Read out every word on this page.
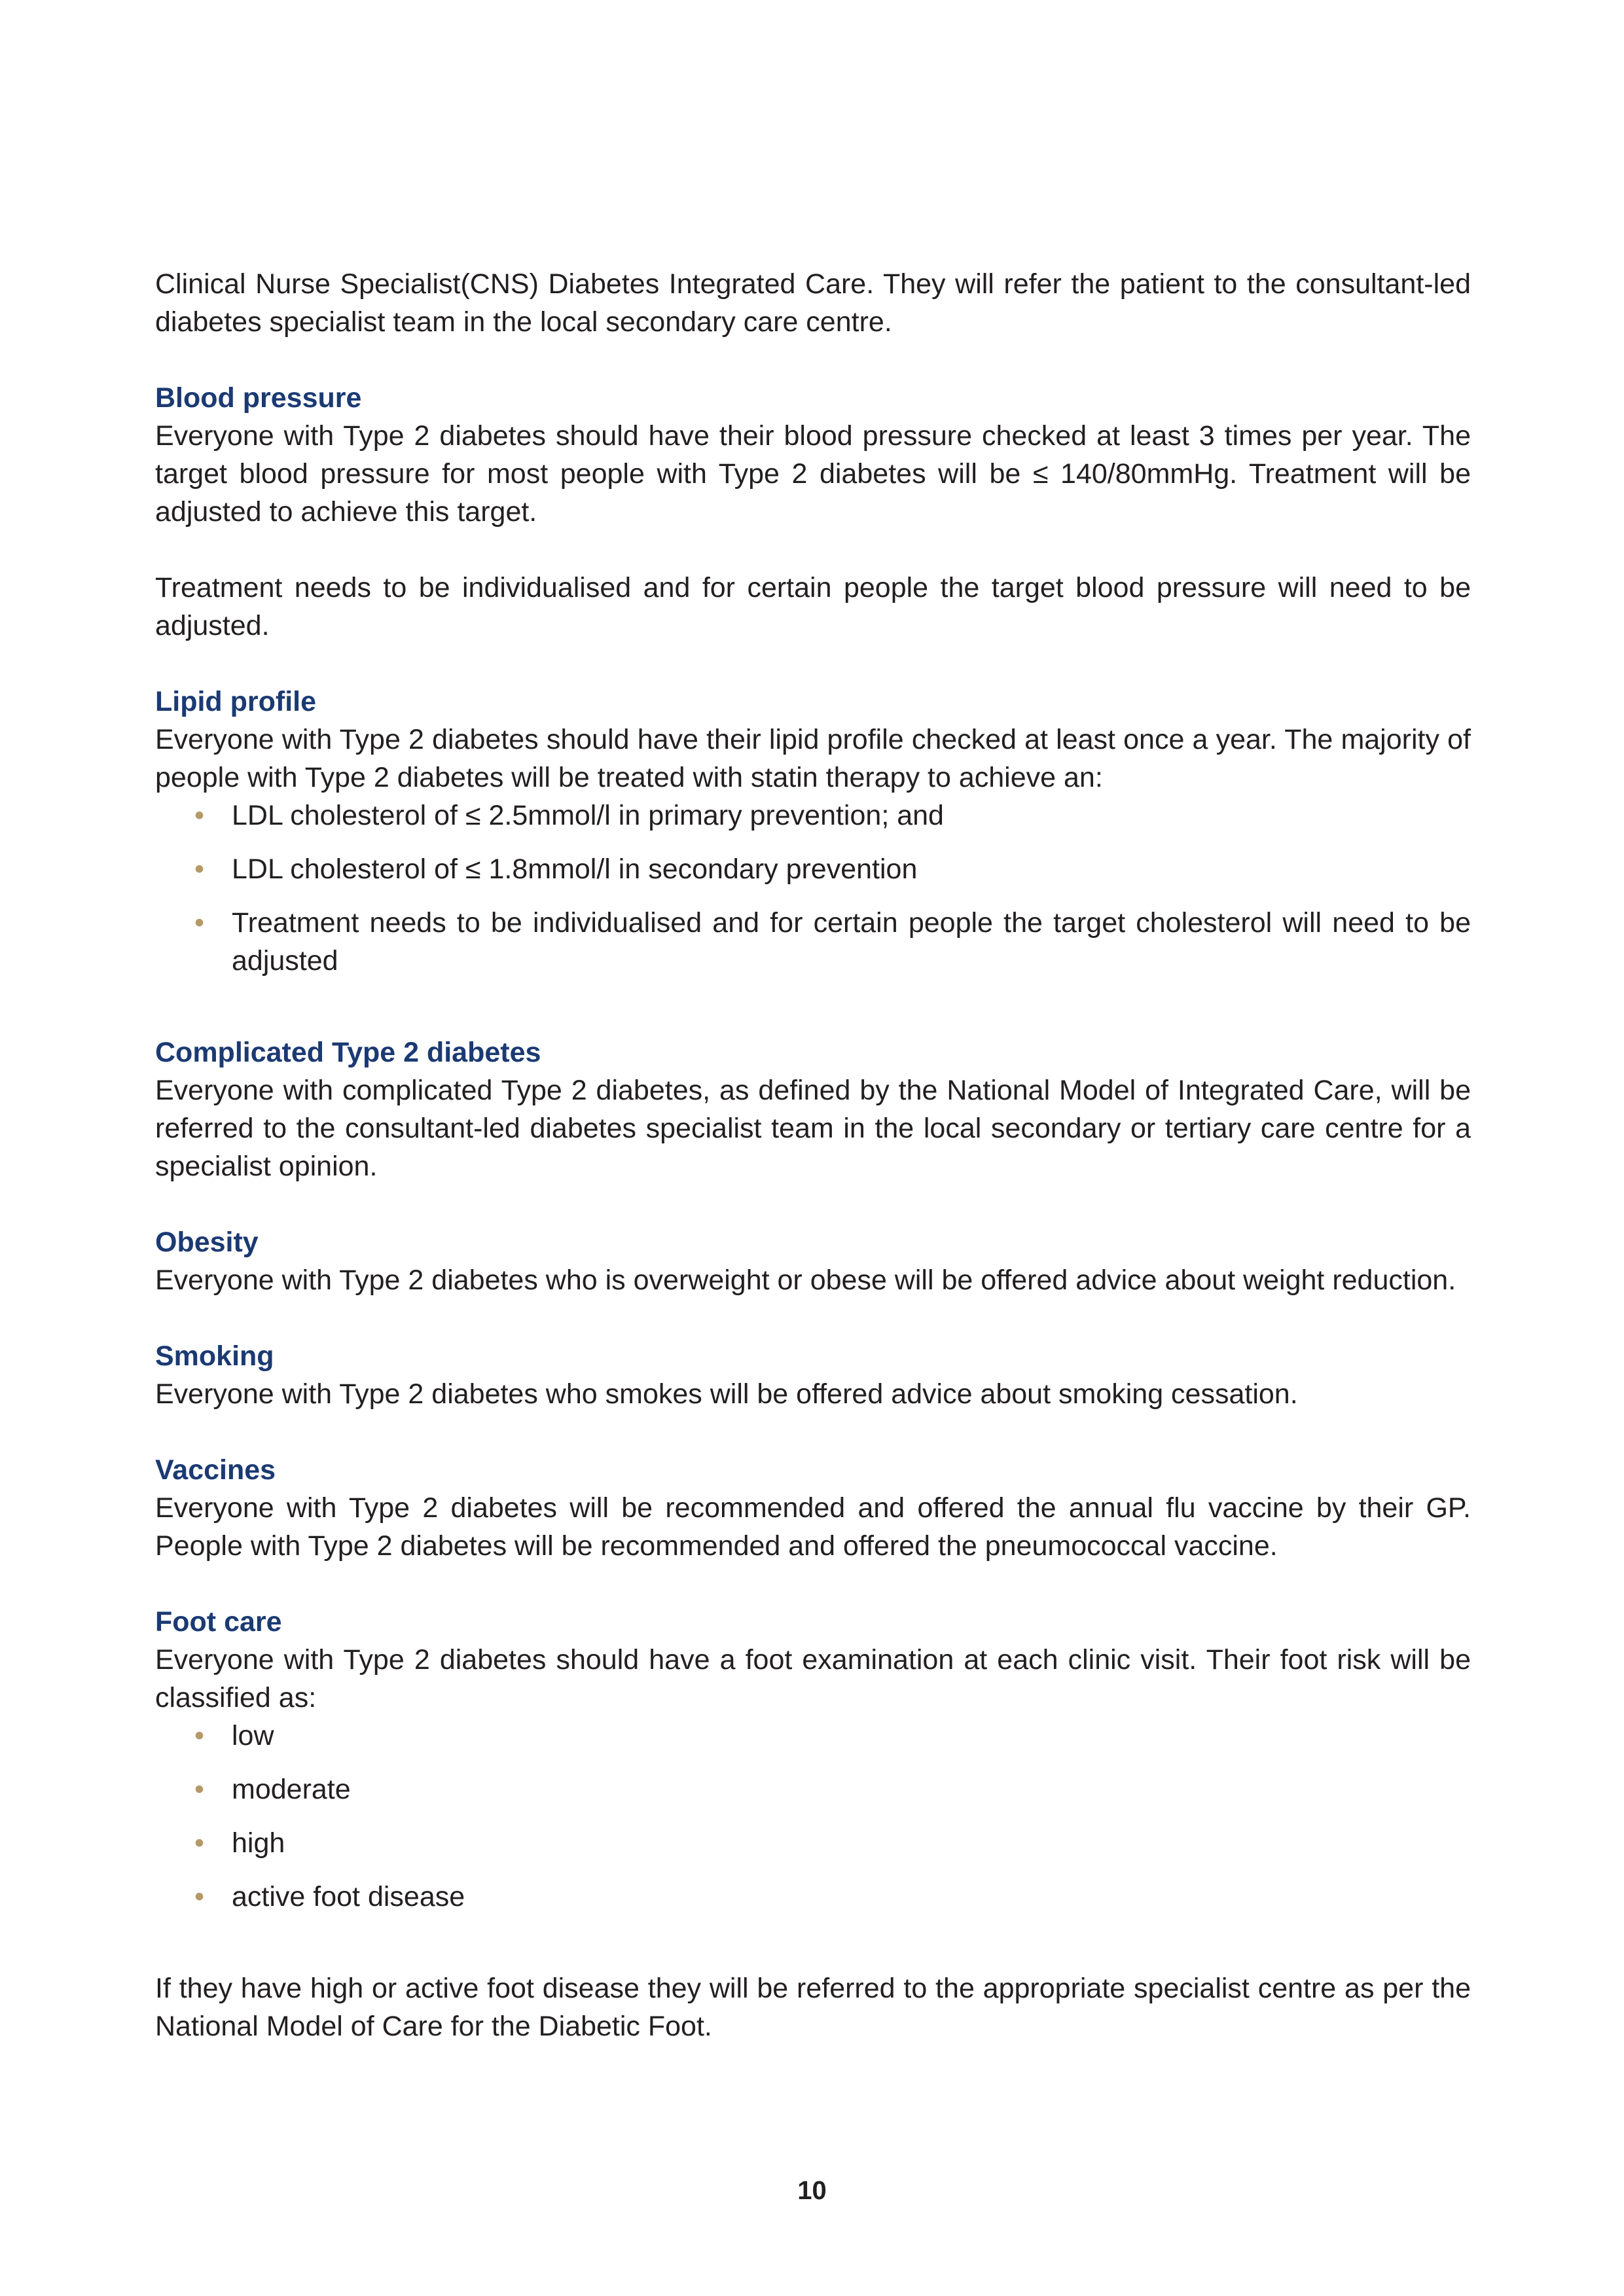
Clinical Nurse Specialist(CNS) Diabetes Integrated Care. They will refer the patient to the consultant-led diabetes specialist team in the local secondary care centre.

Blood pressure

Everyone with Type 2 diabetes should have their blood pressure checked at least 3 times per year. The target blood pressure for most people with Type 2 diabetes will be ≤ 140/80mmHg. Treatment will be adjusted to achieve this target.

Treatment needs to be individualised and for certain people the target blood pressure will need to be adjusted.

Lipid profile

Everyone with Type 2 diabetes should have their lipid profile checked at least once a year. The majority of people with Type 2 diabetes will be treated with statin therapy to achieve an:

• LDL cholesterol of ≤ 2.5mmol/l in primary prevention; and
• LDL cholesterol of ≤ 1.8mmol/l in secondary prevention
• Treatment needs to be individualised and for certain people the target cholesterol will need to be adjusted
Complicated Type 2 diabetes

Everyone with complicated Type 2 diabetes, as defined by the National Model of Integrated Care, will be referred to the consultant-led diabetes specialist team in the local secondary or tertiary care centre for a specialist opinion.

Obesity

Everyone with Type 2 diabetes who is overweight or obese will be offered advice about weight reduction.

Smoking

Everyone with Type 2 diabetes who smokes will be offered advice about smoking cessation.

Vaccines

Everyone with Type 2 diabetes will be recommended and offered the annual flu vaccine by their GP. People with Type 2 diabetes will be recommended and offered the pneumococcal vaccine.

Foot care

Everyone with Type 2 diabetes should have a foot examination at each clinic visit. Their foot risk will be classified as:

• low
• moderate
• high
• active foot disease

If they have high or active foot disease they will be referred to the appropriate specialist centre as per the National Model of Care for the Diabetic Foot.

10
